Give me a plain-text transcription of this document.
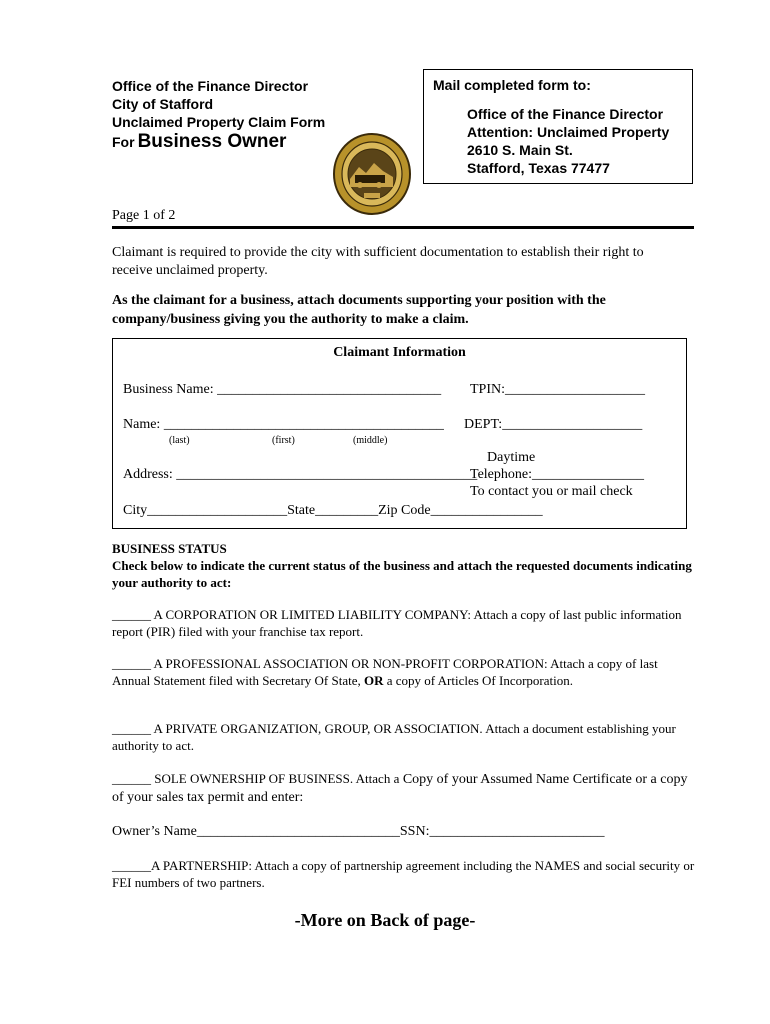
Office of the Finance Director
City of Stafford
Unclaimed Property Claim Form
For Business Owner
Mail completed form to:
Office of the Finance Director
Attention: Unclaimed Property
2610 S. Main St.
Stafford, Texas 77477
Page 1 of 2
Claimant is required to provide the city with sufficient documentation to establish their right to receive unclaimed property.
As the claimant for a business, attach documents supporting your position with the company/business giving you the authority to make a claim.
Claimant Information
Business Name: ________________________________ TPIN:____________________
Name: ________________________________________ DEPT:____________________
(last)	(first)	(middle)
Daytime
Address: ___________________________________________
Telephone:________________
To contact you or mail check
City____________________State_________Zip Code________________
BUSINESS STATUS
Check below to indicate the current status of the business and attach the requested documents indicating your authority to act:
______ A CORPORATION OR LIMITED LIABILITY COMPANY: Attach a copy of last public information report (PIR) filed with your franchise tax report.
______ A PROFESSIONAL ASSOCIATION OR NON-PROFIT CORPORATION: Attach a copy of last Annual Statement filed with Secretary Of State, OR a copy of Articles Of Incorporation.
______ A PRIVATE ORGANIZATION, GROUP, OR ASSOCIATION. Attach a document establishing your authority to act.
______ SOLE OWNERSHIP OF BUSINESS. Attach a Copy of your Assumed Name Certificate or a copy of your sales tax permit and enter:
Owner’s Name_____________________________SSN:_________________________
______A PARTNERSHIP: Attach a copy of partnership agreement including the NAMES and social security or FEI numbers of two partners.
-More on Back of page-
